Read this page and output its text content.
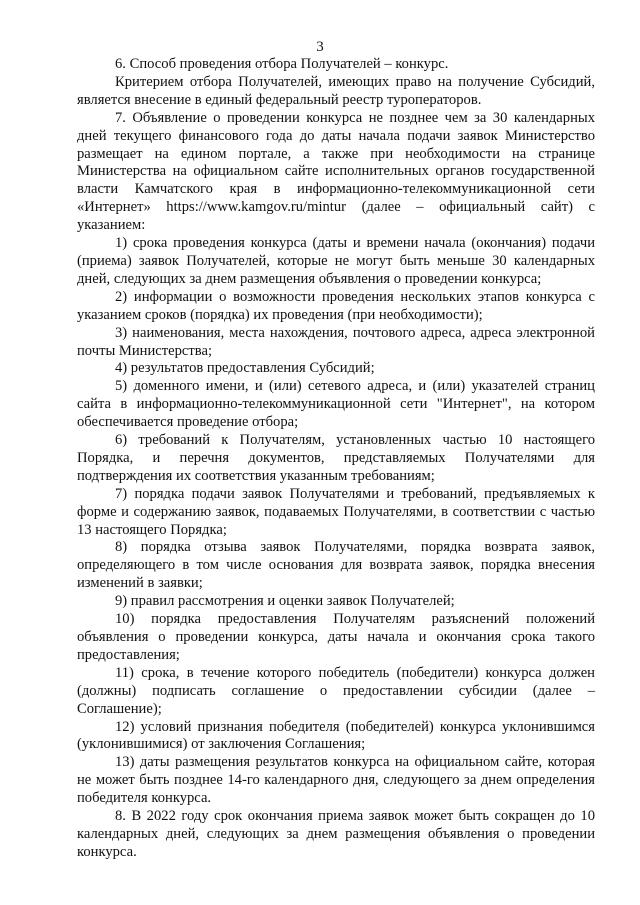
3

6. Способ проведения отбора Получателей – конкурс.

Критерием отбора Получателей, имеющих право на получение Субсидий, является внесение в единый федеральный реестр туроператоров.

7. Объявление о проведении конкурса не позднее чем за 30 календарных дней текущего финансового года до даты начала подачи заявок Министерство размещает на едином портале, а также при необходимости на странице Министерства на официальном сайте исполнительных органов государственной власти Камчатского края в информационно-телекоммуникационной сети «Интернет» https://www.kamgov.ru/mintur (далее – официальный сайт) с указанием:

1) срока проведения конкурса (даты и времени начала (окончания) подачи (приема) заявок Получателей, которые не могут быть меньше 30 календарных дней, следующих за днем размещения объявления о проведении конкурса;

2) информации о возможности проведения нескольких этапов конкурса с указанием сроков (порядка) их проведения (при необходимости);

3) наименования, места нахождения, почтового адреса, адреса электронной почты Министерства;

4) результатов предоставления Субсидий;

5) доменного имени, и (или) сетевого адреса, и (или) указателей страниц сайта в информационно-телекоммуникационной сети "Интернет", на котором обеспечивается проведение отбора;

6) требований к Получателям, установленных частью 10 настоящего Порядка, и перечня документов, представляемых Получателями для подтверждения их соответствия указанным требованиям;

7) порядка подачи заявок Получателями и требований, предъявляемых к форме и содержанию заявок, подаваемых Получателями, в соответствии с частью 13 настоящего Порядка;

8) порядка отзыва заявок Получателями, порядка возврата заявок, определяющего в том числе основания для возврата заявок, порядка внесения изменений в заявки;

9) правил рассмотрения и оценки заявок Получателей;

10) порядка предоставления Получателям разъяснений положений объявления о проведении конкурса, даты начала и окончания срока такого предоставления;

11) срока, в течение которого победитель (победители) конкурса должен (должны) подписать соглашение о предоставлении субсидии (далее – Соглашение);

12) условий признания победителя (победителей) конкурса уклонившимся (уклонившимися) от заключения Соглашения;

13) даты размещения результатов конкурса на официальном сайте, которая не может быть позднее 14-го календарного дня, следующего за днем определения победителя конкурса.

8. В 2022 году срок окончания приема заявок может быть сокращен до 10 календарных дней, следующих за днем размещения объявления о проведении конкурса.
